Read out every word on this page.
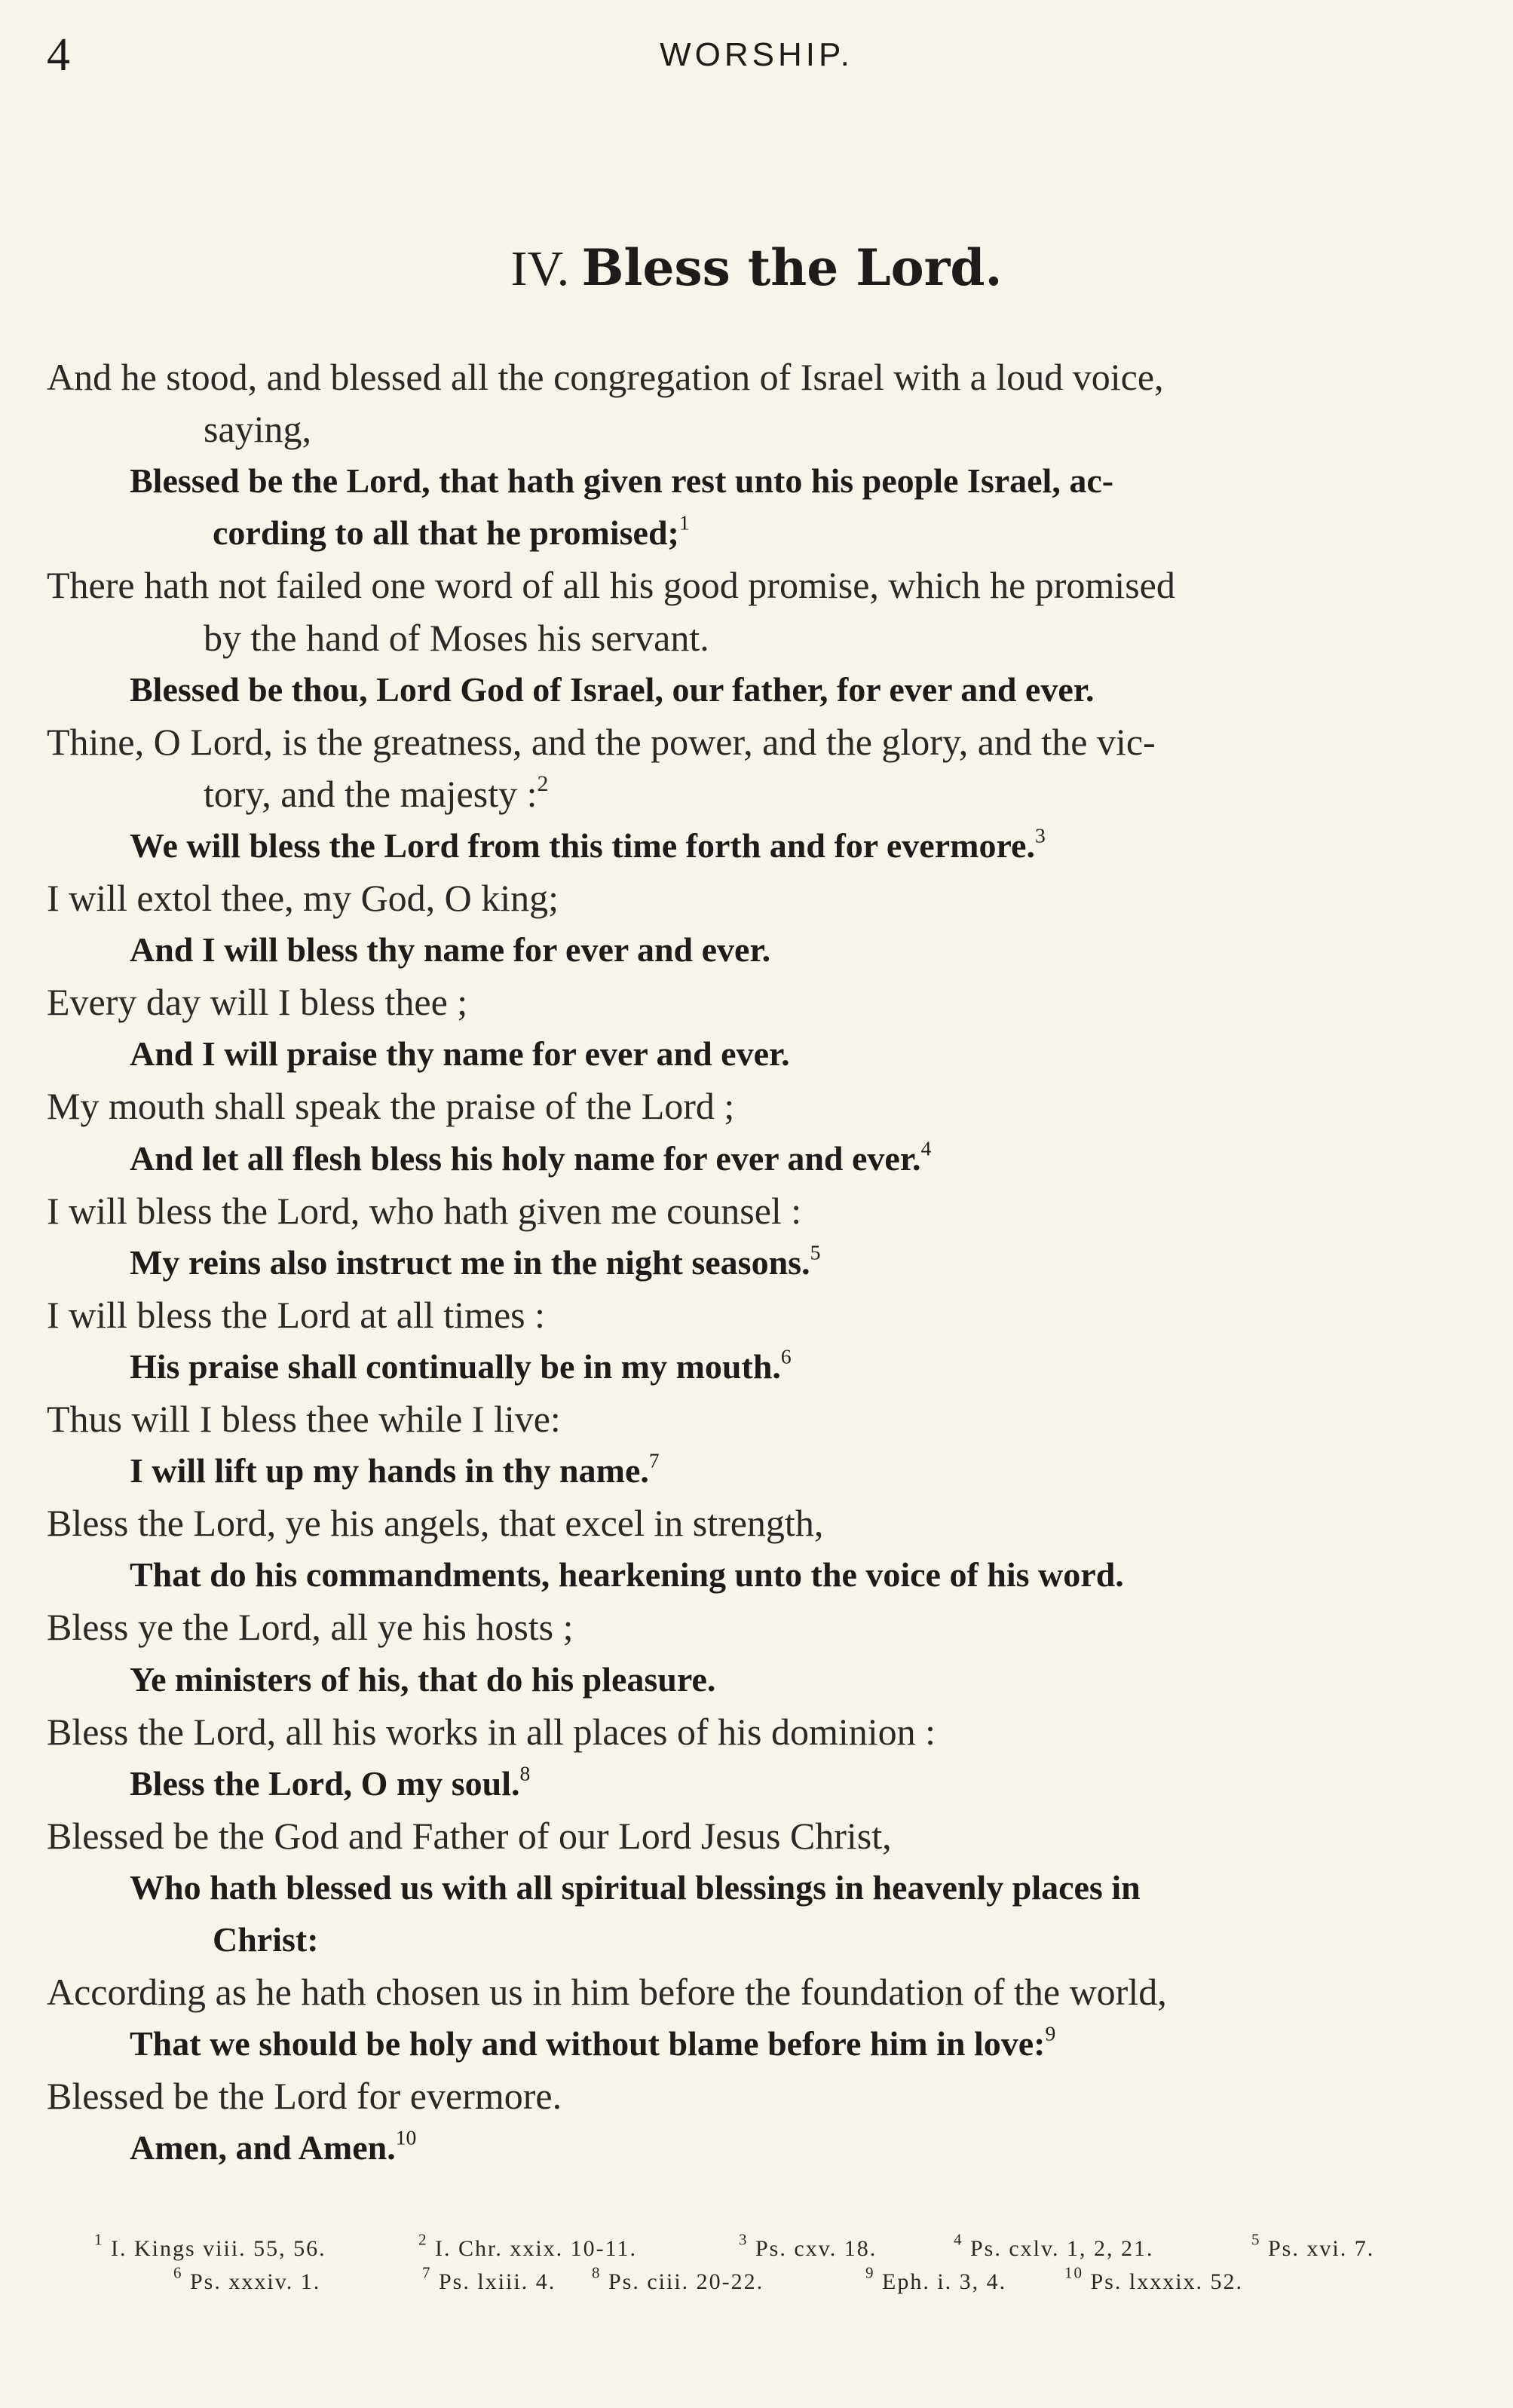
4	WORSHIP.
IV. Bless the Lord.
And he stood, and blessed all the congregation of Israel with a loud voice,
saying,
Blessed be the Lord, that hath given rest unto his people Israel, ac-
cording to all that he promised;$^1$
There hath not failed one word of all his good promise, which he promised
by the hand of Moses his servant.
Blessed be thou, Lord God of Israel, our father, for ever and ever.
Thine, O Lord, is the greatness, and the power, and the glory, and the vic-
tory, and the majesty :$^2$
We will bless the Lord from this time forth and for evermore.$^3$
I will extol thee, my God, O king;
And I will bless thy name for ever and ever.
Every day will I bless thee ;
And I will praise thy name for ever and ever.
My mouth shall speak the praise of the Lord ;
And let all flesh bless his holy name for ever and ever.$^4$
I will bless the Lord, who hath given me counsel :
My reins also instruct me in the night seasons.$^5$
I will bless the Lord at all times :
His praise shall continually be in my mouth.$^6$
Thus will I bless thee while I live:
I will lift up my hands in thy name.$^7$
Bless the Lord, ye his angels, that excel in strength,
That do his commandments, hearkening unto the voice of his word.
Bless ye the Lord, all ye his hosts ;
Ye ministers of his, that do his pleasure.
Bless the Lord, all his works in all places of his dominion :
Bless the Lord, O my soul.$^8$
Blessed be the God and Father of our Lord Jesus Christ,
Who hath blessed us with all spiritual blessings in heavenly places in
Christ:
According as he hath chosen us in him before the foundation of the world,
That we should be holy and without blame before him in love:$^9$
Blessed be the Lord for evermore.
Amen, and Amen.$^{10}$
$^1$ I. Kings viii. 55, 56.	$^2$ I. Chr. xxix. 10-11.	$^3$ Ps. cxv. 18.	$^4$ Ps. cxlv. 1, 2, 21.	$^5$ Ps. xvi. 7.
$^6$ Ps. xxxiv. 1.	$^7$ Ps. lxiii. 4. $^8$ Ps. ciii. 20-22.	$^9$ Eph. i. 3, 4.	$^{10}$ Ps. lxxxix. 52.
